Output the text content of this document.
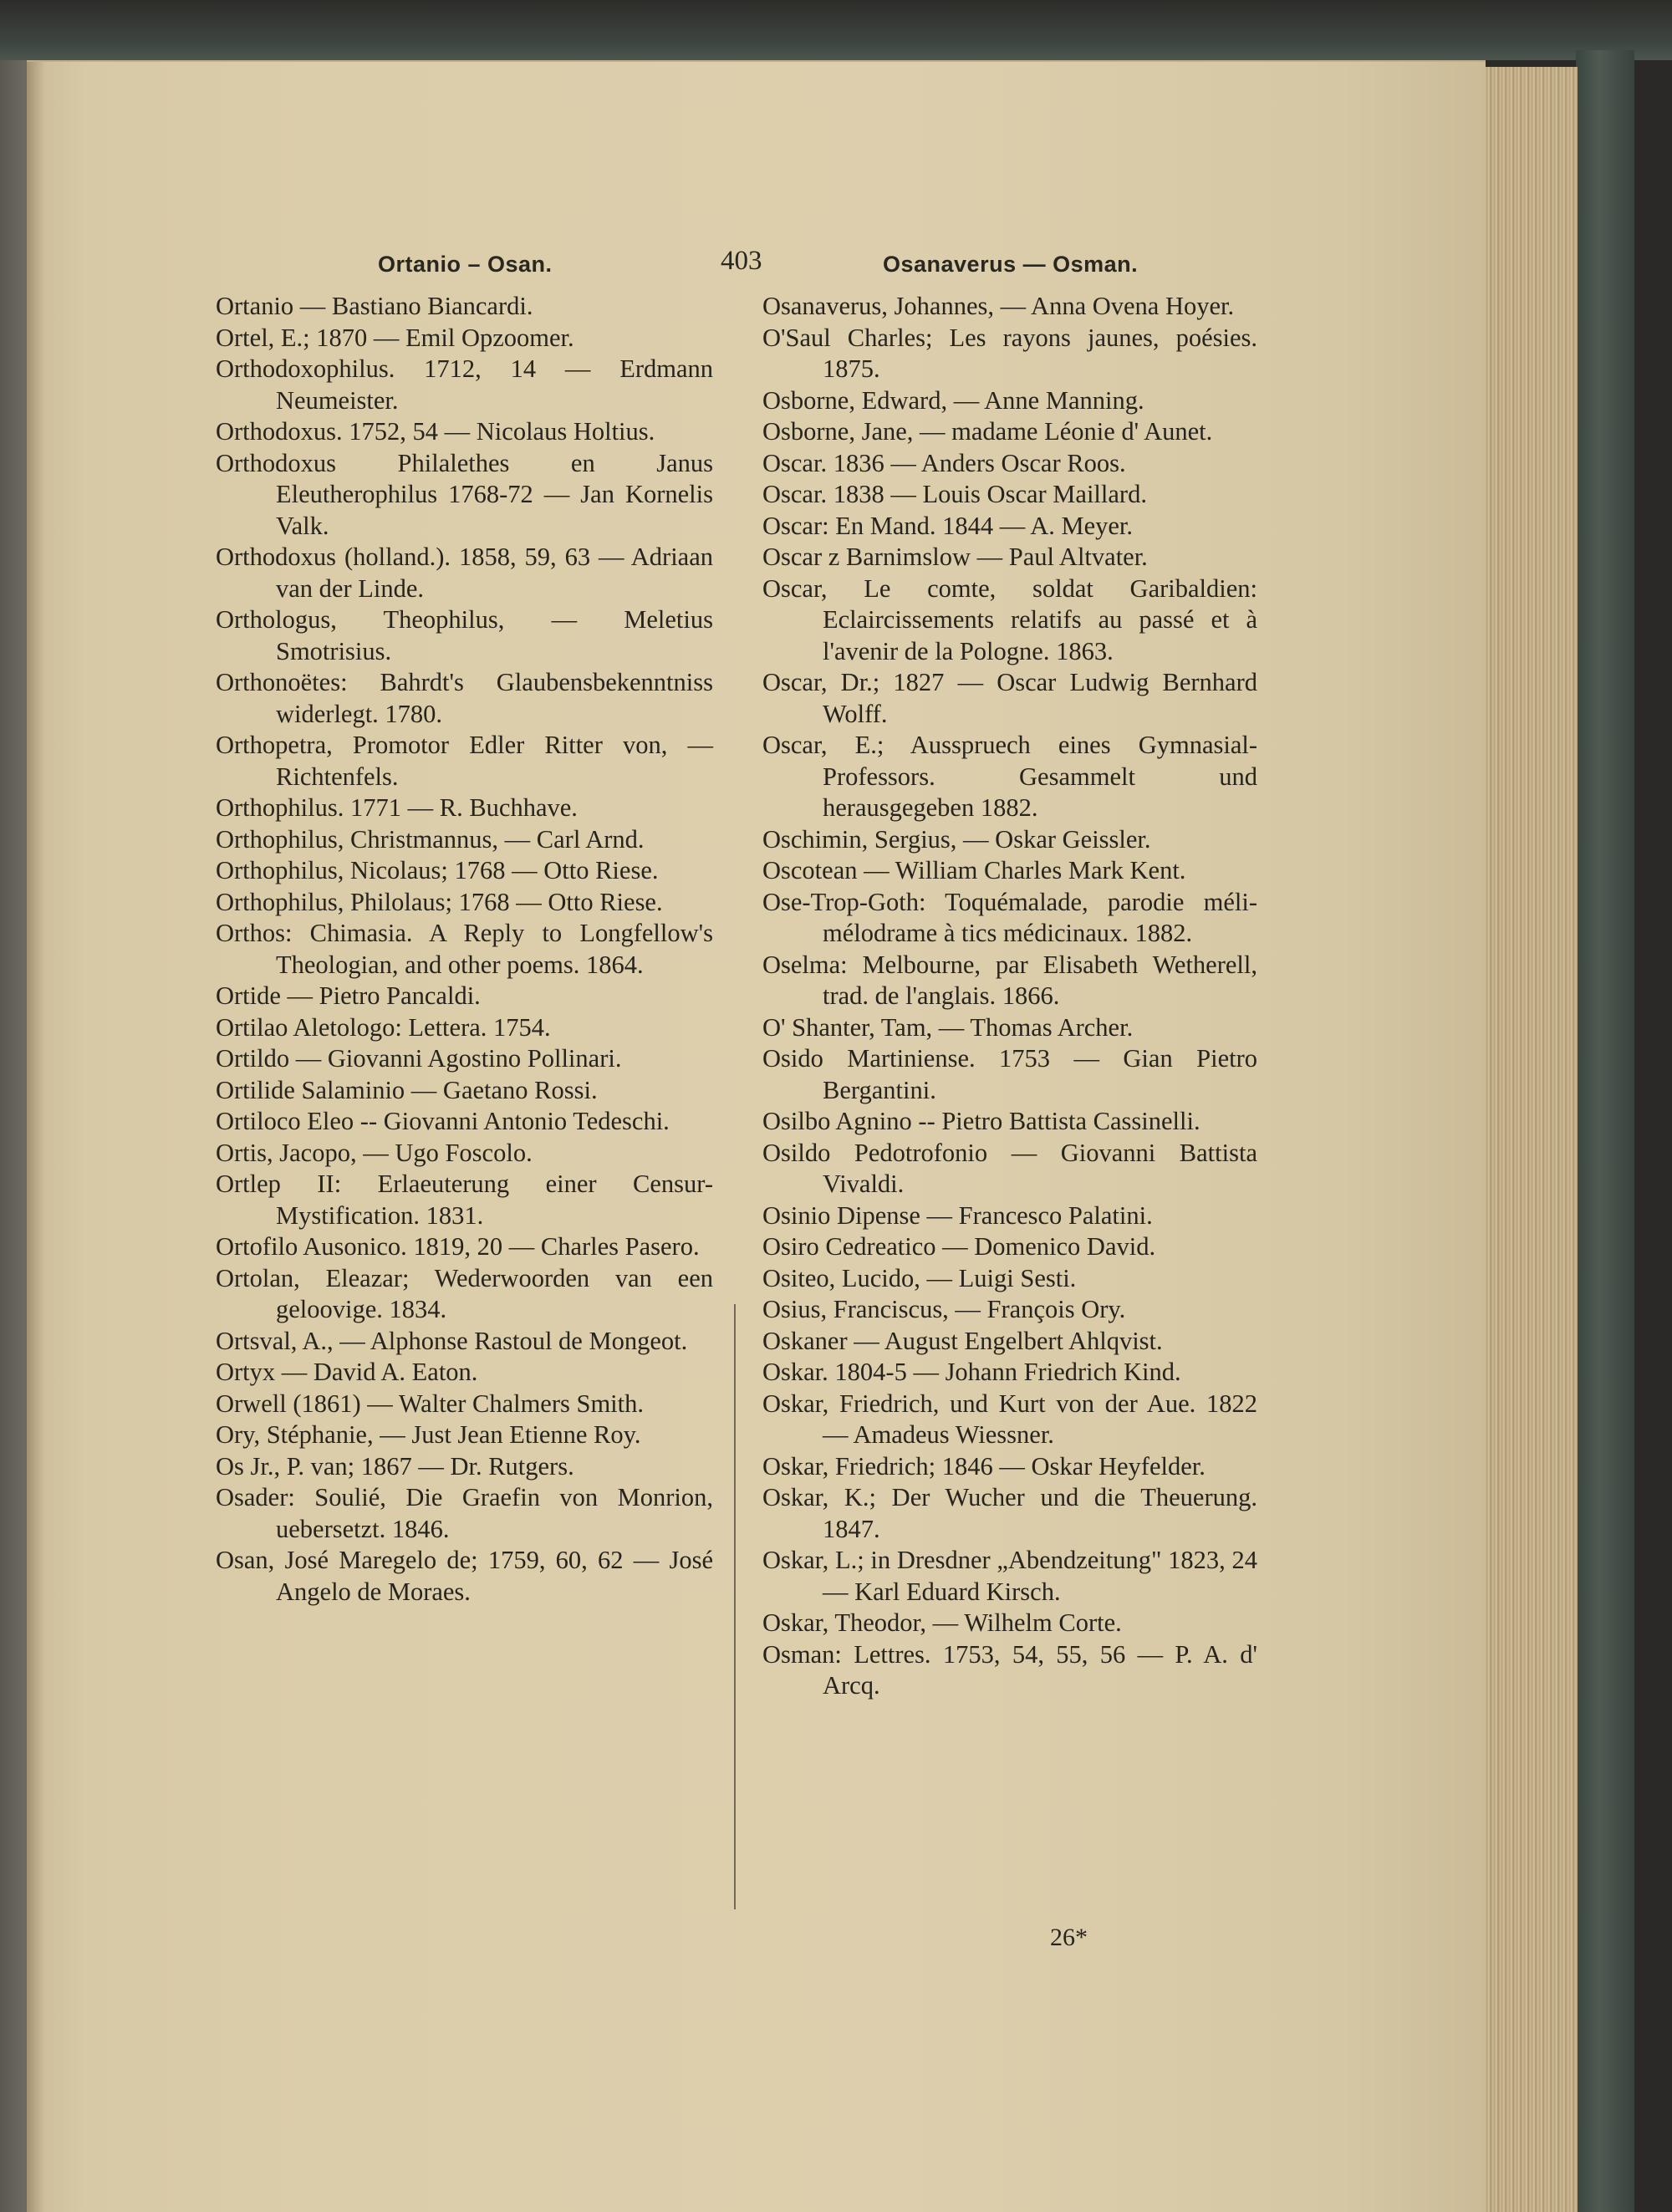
Ortanio – Osan.	403	Osanaverus — Osman.

Ortanio — Bastiano Biancardi.

Ortel, E.; 1870 — Emil Opzoomer.

Orthodoxophilus. 1712, 14 — Erdmann Neumeister.

Orthodoxus. 1752, 54 — Nicolaus Holtius.

Orthodoxus Philalethes en Janus Eleutherophilus 1768-72 — Jan Kornelis Valk.

Orthodoxus (holland.). 1858, 59, 63 — Adriaan van der Linde.

Orthologus, Theophilus, — Meletius Smotrisius.

Orthonoëtes: Bahrdt's Glaubensbekenntniss widerlegt. 1780.

Orthopetra, Promotor Edler Ritter von, — Richtenfels.

Orthophilus. 1771 — R. Buchhave.

Orthophilus, Christmannus, — Carl Arnd.

Orthophilus, Nicolaus; 1768 — Otto Riese.

Orthophilus, Philolaus; 1768 — Otto Riese.

Orthos: Chimasia. A Reply to Longfellow's Theologian, and other poems. 1864.

Ortide — Pietro Pancaldi.

Ortilao Aletologo: Lettera. 1754.

Ortildo — Giovanni Agostino Pollinari.

Ortilide Salaminio — Gaetano Rossi.

Ortiloco Eleo -- Giovanni Antonio Tedeschi.

Ortis, Jacopo, — Ugo Foscolo.

Ortlep II: Erlaeuterung einer Censur-Mystification. 1831.

Ortofilo Ausonico. 1819, 20 — Charles Pasero.

Ortolan, Eleazar; Wederwoorden van een geloovige. 1834.

Ortsval, A., — Alphonse Rastoul de Mongeot.

Ortyx — David A. Eaton.

Orwell (1861) — Walter Chalmers Smith.

Ory, Stéphanie, — Just Jean Etienne Roy.

Os Jr., P. van; 1867 — Dr. Rutgers.

Osader: Soulié, Die Graefin von Monrion, uebersetzt. 1846.

Osan, José Maregelo de; 1759, 60, 62 — José Angelo de Moraes.

Osanaverus, Johannes, — Anna Ovena Hoyer.

O'Saul Charles; Les rayons jaunes, poésies. 1875.

Osborne, Edward, — Anne Manning.

Osborne, Jane, — madame Léonie d' Aunet.

Oscar. 1836 — Anders Oscar Roos.

Oscar. 1838 — Louis Oscar Maillard.

Oscar: En Mand. 1844 — A. Meyer.

Oscar z Barnimslow — Paul Altvater.

Oscar, Le comte, soldat Garibaldien: Eclaircissements relatifs au passé et à l'avenir de la Pologne. 1863.

Oscar, Dr.; 1827 — Oscar Ludwig Bernhard Wolff.

Oscar, E.; Ausspruech eines Gymnasial-Professors. Gesammelt und herausgegeben 1882.

Oschimin, Sergius, — Oskar Geissler.

Oscotean — William Charles Mark Kent.

Ose-Trop-Goth: Toquémalade, parodie méli-mélodrame à tics médicinaux. 1882.

Oselma: Melbourne, par Elisabeth Wetherell, trad. de l'anglais. 1866.

O' Shanter, Tam, — Thomas Archer.

Osido Martiniense. 1753 — Gian Pietro Bergantini.

Osilbo Agnino -- Pietro Battista Cassinelli.

Osildo Pedotrofonio — Giovanni Battista Vivaldi.

Osinio Dipense — Francesco Palatini.

Osiro Cedreatico — Domenico David.

Ositeo, Lucido, — Luigi Sesti.

Osius, Franciscus, — François Ory.

Oskaner — August Engelbert Ahlqvist.

Oskar. 1804-5 — Johann Friedrich Kind.

Oskar, Friedrich, und Kurt von der Aue. 1822 — Amadeus Wiessner.

Oskar, Friedrich; 1846 — Oskar Heyfelder.

Oskar, K.; Der Wucher und die Theuerung. 1847.

Oskar, L.; in Dresdner „Abendzeitung" 1823, 24 — Karl Eduard Kirsch.

Oskar, Theodor, — Wilhelm Corte.

Osman: Lettres. 1753, 54, 55, 56 — P. A. d' Arcq.

26*
